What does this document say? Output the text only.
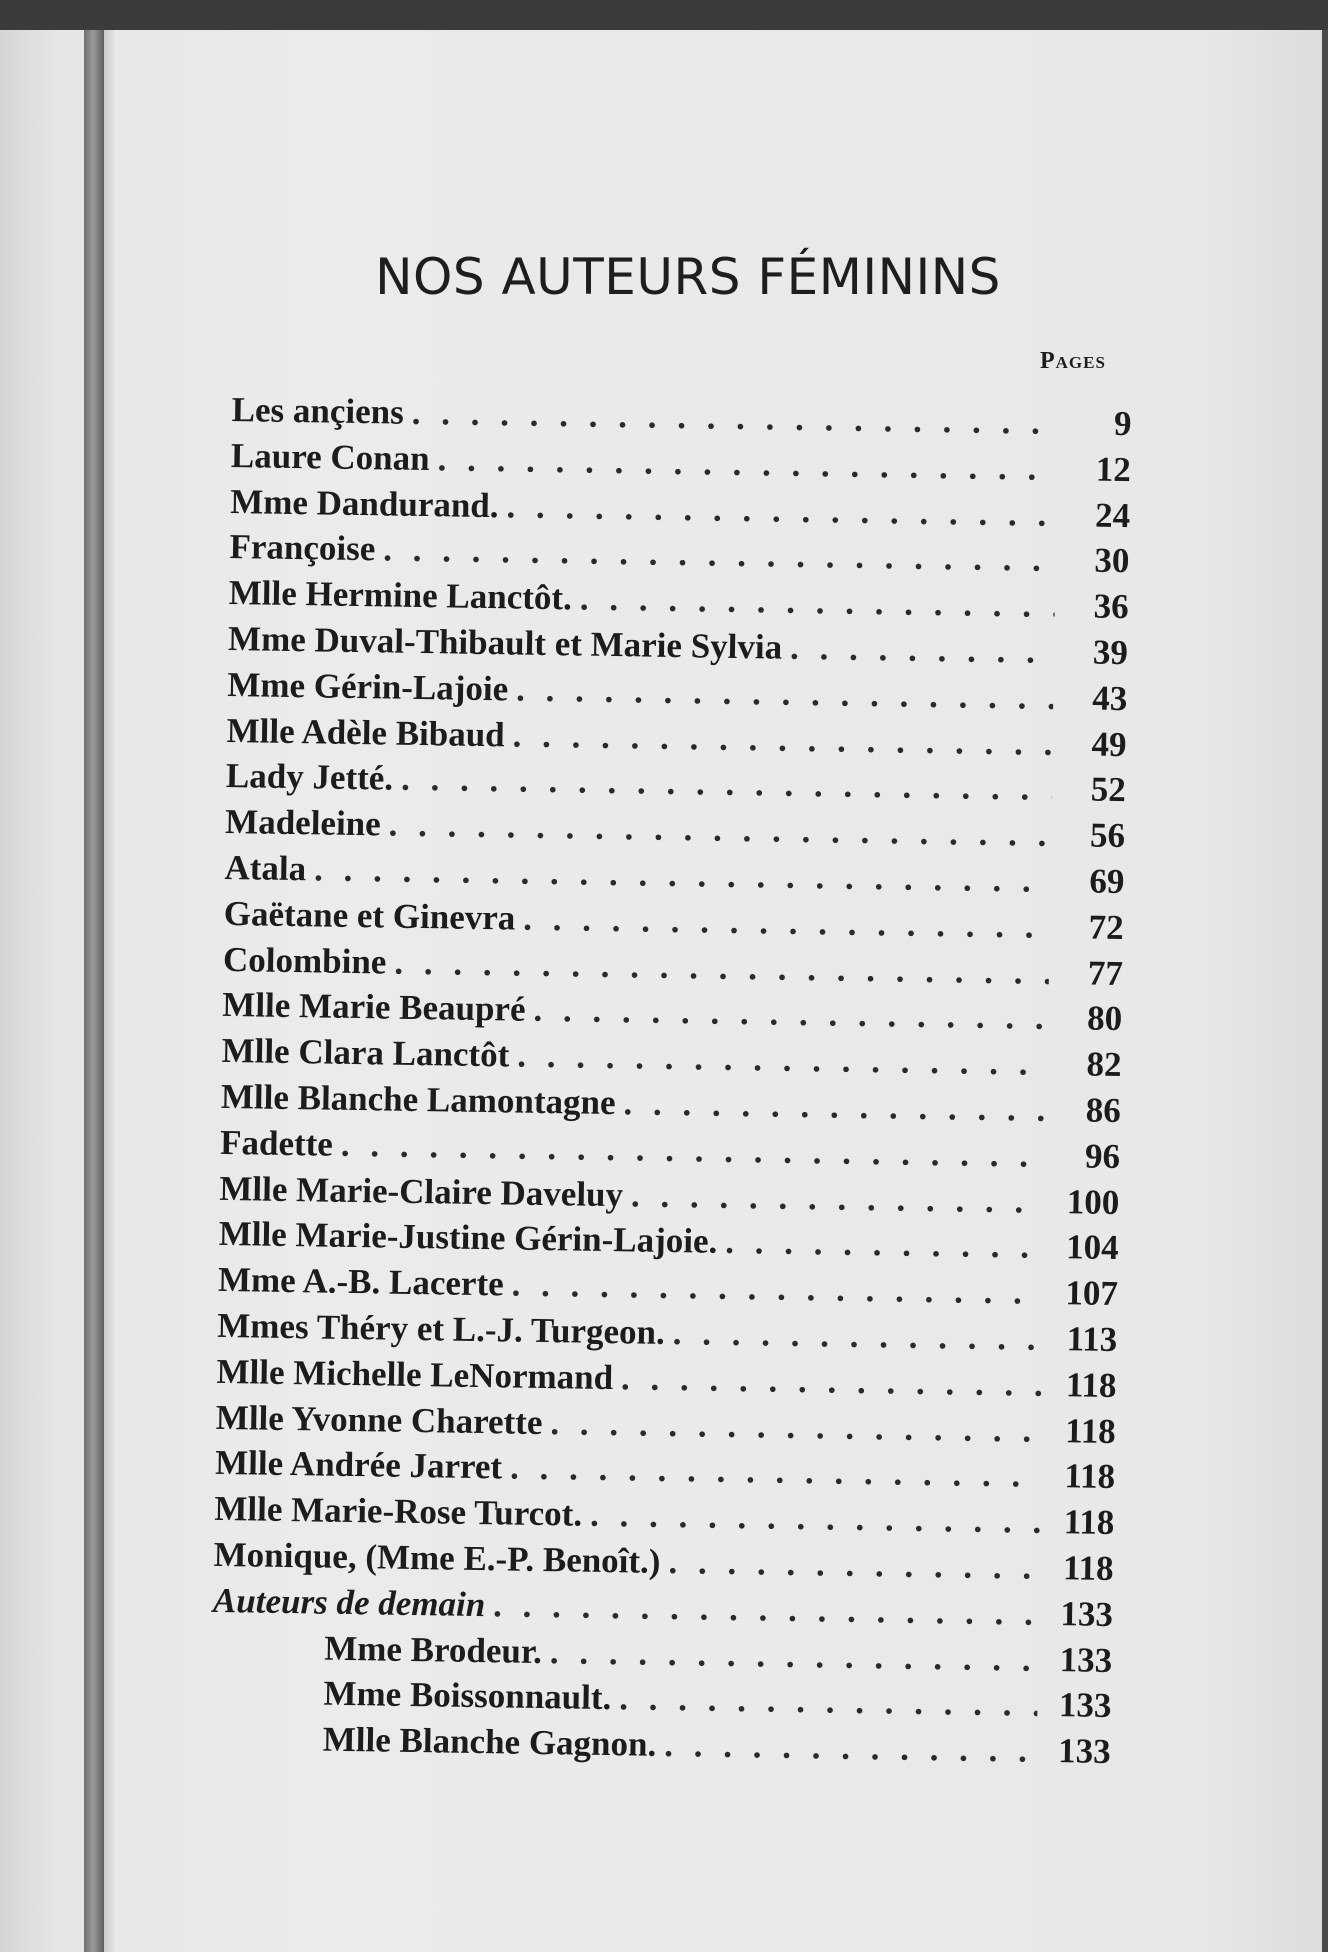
NOS AUTEURS FÉMININS
Pages
Les ançiens . . .	9
Laure Conan . . .	12
Mme Dandurand. . . .	24
Françoise . . .	30
Mlle Hermine Lanctôt. . . .	36
Mme Duval-Thibault et Marie Sylvia . . .	39
Mme Gérin-Lajoie . . .	43
Mlle Adèle Bibaud . . .	49
Lady Jetté. . . .	52
Madeleine . . .	56
Atala . . .	69
Gaëtane et Ginevra . . .	72
Colombine . . .	77
Mlle Marie Beaupré . . .	80
Mlle Clara Lanctôt . . .	82
Mlle Blanche Lamontagne . . .	86
Fadette . . .	96
Mlle Marie-Claire Daveluy . . .	100
Mlle Marie-Justine Gérin-Lajoie. . . .	104
Mme A.-B. Lacerte . . .	107
Mmes Théry et L.-J. Turgeon. . . .	113
Mlle Michelle LeNormand . . .	118
Mlle Yvonne Charette . . .	118
Mlle Andrée Jarret . . .	118
Mlle Marie-Rose Turcot. . . .	118
Monique, (Mme E.-P. Benoît.) . . .	118
Auteurs de demain . . .	133
Mme Brodeur. . . .	133
Mme Boissonnault. . . .	133
Mlle Blanche Gagnon. . . .	133
